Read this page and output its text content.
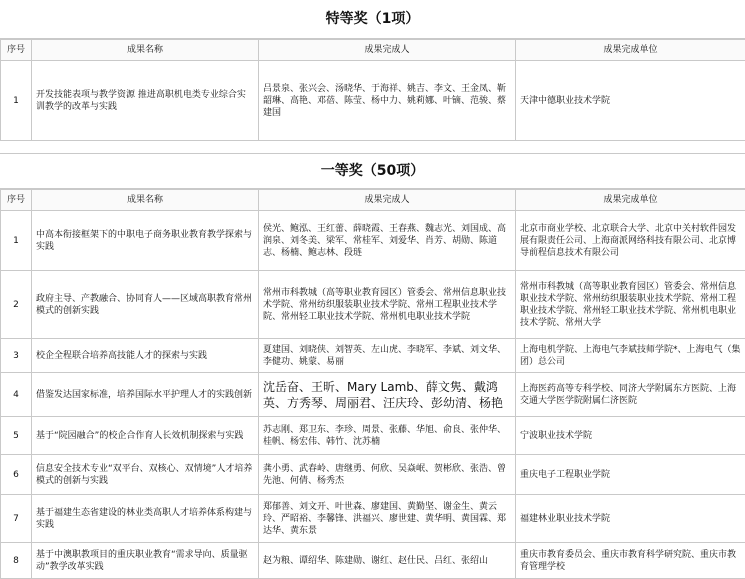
特等奖（1项）
序号	成果名称	成果完成人	成果完成单位
1	开发技能表项与教学资源 推进高职机电类专业综合实训教学的改革与实践	吕景泉、张兴会、汤晓华、于海祥、姚吉、李文、王金凤、靳韶琳、高艳、邓蓓、陈莹、杨中力、姚莉娜、叶镝、范骏、蔡建国	天津中德职业技术学院
一等奖（50项）
序号	成果名称	成果完成人	成果完成单位
1	中高本衔接框架下的中职电子商务职业教育教学探索与实践	侯光、鲍泓、王红蕾、薛晓霞、王春燕、魏志光、刘国成、高润泉、刘冬美、梁军、常桂军、刘爱华、肖芳、胡勋、陈道志、杨楠、鲍志林、段琏	北京市商业学校、北京联合大学、北京中关村软件园发展有限责任公司、上海商派网络科技有限公司、北京博导前程信息技术有限公司
2	政府主导、产教融合、协同育人——区域高职教育常州模式的创新实践	常州市科教城（高等职业教育园区）管委会、常州信息职业技术学院、常州纺织服装职业技术学院、常州工程职业技术学院、常州轻工职业技术学院、常州机电职业技术学院	常州市科教城（高等职业教育园区）管委会、常州信息职业技术学院、常州纺织服装职业技术学院、常州工程职业技术学院、常州轻工职业技术学院、常州机电职业技术学院、常州大学
3	校企全程联合培养高技能人才的探索与实践	夏建国、刘晓侠、刘智英、左山虎、李晓军、李斌、刘文华、李健功、姚蒙、易丽	上海电机学院、上海电气李斌技师学院*、上海电气（集团）总公司
4	借鉴发达国家标准，培养国际水平护理人才的实践创新	沈岳奋、王昕、Mary Lamb、薛文隽、戴鸿英、方秀琴、周丽君、汪庆玲、彭幼清、杨艳	上海医药高等专科学校、同济大学附属东方医院、上海交通大学医学院附属仁济医院
5	基于“院园融合”的校企合作育人长效机制探索与实践	苏志刚、郑卫东、李珍、周景、张藤、华旭、俞良、张仲华、桂帆、杨宏伟、韩竹、沈苏楠	宁波职业技术学院
6	信息安全技术专业“双平台、双核心、双情境”人才培养模式的创新与实践	龚小勇、武春岭、唐继勇、何欣、吴焱岷、贺彬欣、张浩、曾先池、何倩、杨秀杰	重庆电子工程职业学院
7	基于福建生态省建设的林业类高职人才培养体系构建与实践	郑郁善、刘文开、叶世森、廖建国、黄勤坚、谢金生、黄云玲、严昭裕、李馨锋、洪福兴、廖世建、黄华明、黄国霖、郑达华、黄东景	福建林业职业技术学院
8	基于中澳职教项目的重庆职业教育“需求导向、质量驱动”教学改革实践	赵为粮、谭绍华、陈建勋、谢红、赵仕民、吕红、张绍山	重庆市教育委员会、重庆市教育科学研究院、重庆市教育管理学校
